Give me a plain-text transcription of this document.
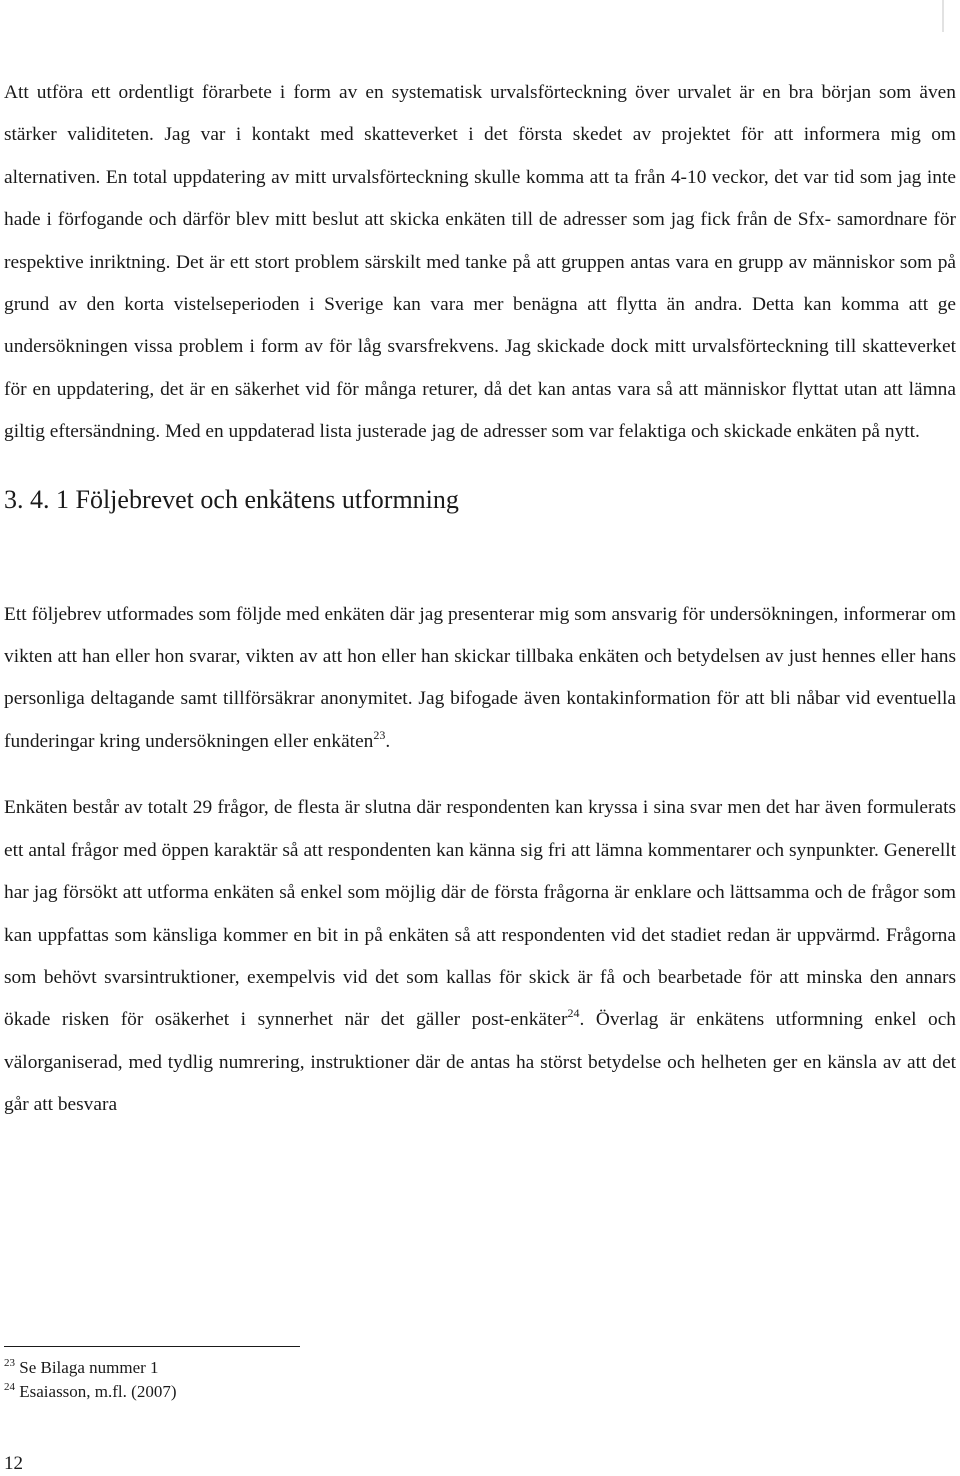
Att utföra ett ordentligt förarbete i form av en systematisk urvalsförteckning över urvalet är en bra början som även stärker validiteten. Jag var i kontakt med skatteverket i det första skedet av projektet för att informera mig om alternativen. En total uppdatering av mitt urvalsförteckning skulle komma att ta från 4-10 veckor, det var tid som jag inte hade i förfogande och därför blev mitt beslut att skicka enkäten till de adresser som jag fick från de Sfx- samordnare för respektive inriktning. Det är ett stort problem särskilt med tanke på att gruppen antas vara en grupp av människor som på grund av den korta vistelseperioden i Sverige kan vara mer benägna att flytta än andra. Detta kan komma att ge undersökningen vissa problem i form av för låg svarsfrekvens. Jag skickade dock mitt urvalsförteckning till skatteverket för en uppdatering, det är en säkerhet vid för många returer, då det kan antas vara så att människor flyttat utan att lämna giltig eftersändning. Med en uppdaterad lista justerade jag de adresser som var felaktiga och skickade enkäten på nytt.

3. 4. 1 Följebrevet och enkätens utformning

Ett följebrev utformades som följde med enkäten där jag presenterar mig som ansvarig för undersökningen, informerar om vikten att han eller hon svarar, vikten av att hon eller han skickar tillbaka enkäten och betydelsen av just hennes eller hans personliga deltagande samt tillförsäkrar anonymitet. Jag bifogade även kontakinformation för att bli nåbar vid eventuella funderingar kring undersökningen eller enkäten$^{23}$.

Enkäten består av totalt 29 frågor, de flesta är slutna där respondenten kan kryssa i sina svar men det har även formulerats ett antal frågor med öppen karaktär så att respondenten kan känna sig fri att lämna kommentarer och synpunkter. Generellt har jag försökt att utforma enkäten så enkel som möjlig där de första frågorna är enklare och lättsamma och de frågor som kan uppfattas som känsliga kommer en bit in på enkäten så att respondenten vid det stadiet redan är uppvärmd. Frågorna som behövt svarsintruktioner, exempelvis vid det som kallas för skick är få och bearbetade för att minska den annars ökade risken för osäkerhet i synnerhet när det gäller post-enkäter$^{24}$. Överlag är enkätens utformning enkel och välorganiserad, med tydlig numrering, instruktioner där de antas ha störst betydelse och helheten ger en känsla av att det går att besvara

$^{23}$ Se Bilaga nummer 1
$^{24}$ Esaiasson, m.fl. (2007)
12
